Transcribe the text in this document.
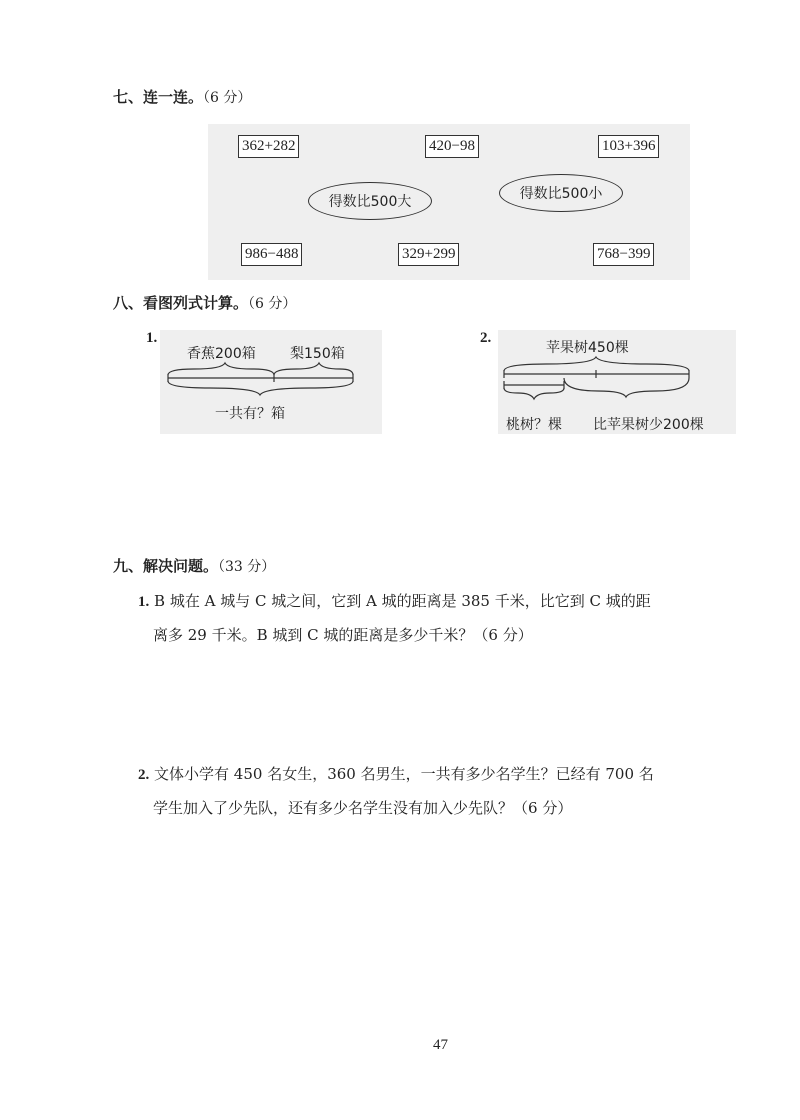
七、连一连。（6 分）
362+282	420−98	103+396
得数比500大	得数比500小
986−488	329+299	768−399
八、看图列式计算。（6 分）
1.
香蕉200箱 梨150箱
一共有？箱
2.
苹果树450棵
桃树？棵 比苹果树少200棵
九、解决问题。（33 分）
1. B 城在 A 城与 C 城之间，它到 A 城的距离是 385 千米，比它到 C 城的距
离多 29 千米。B 城到 C 城的距离是多少千米？（6 分）
2. 文体小学有 450 名女生，360 名男生，一共有多少名学生？已经有 700 名
学生加入了少先队，还有多少名学生没有加入少先队？（6 分）
47
